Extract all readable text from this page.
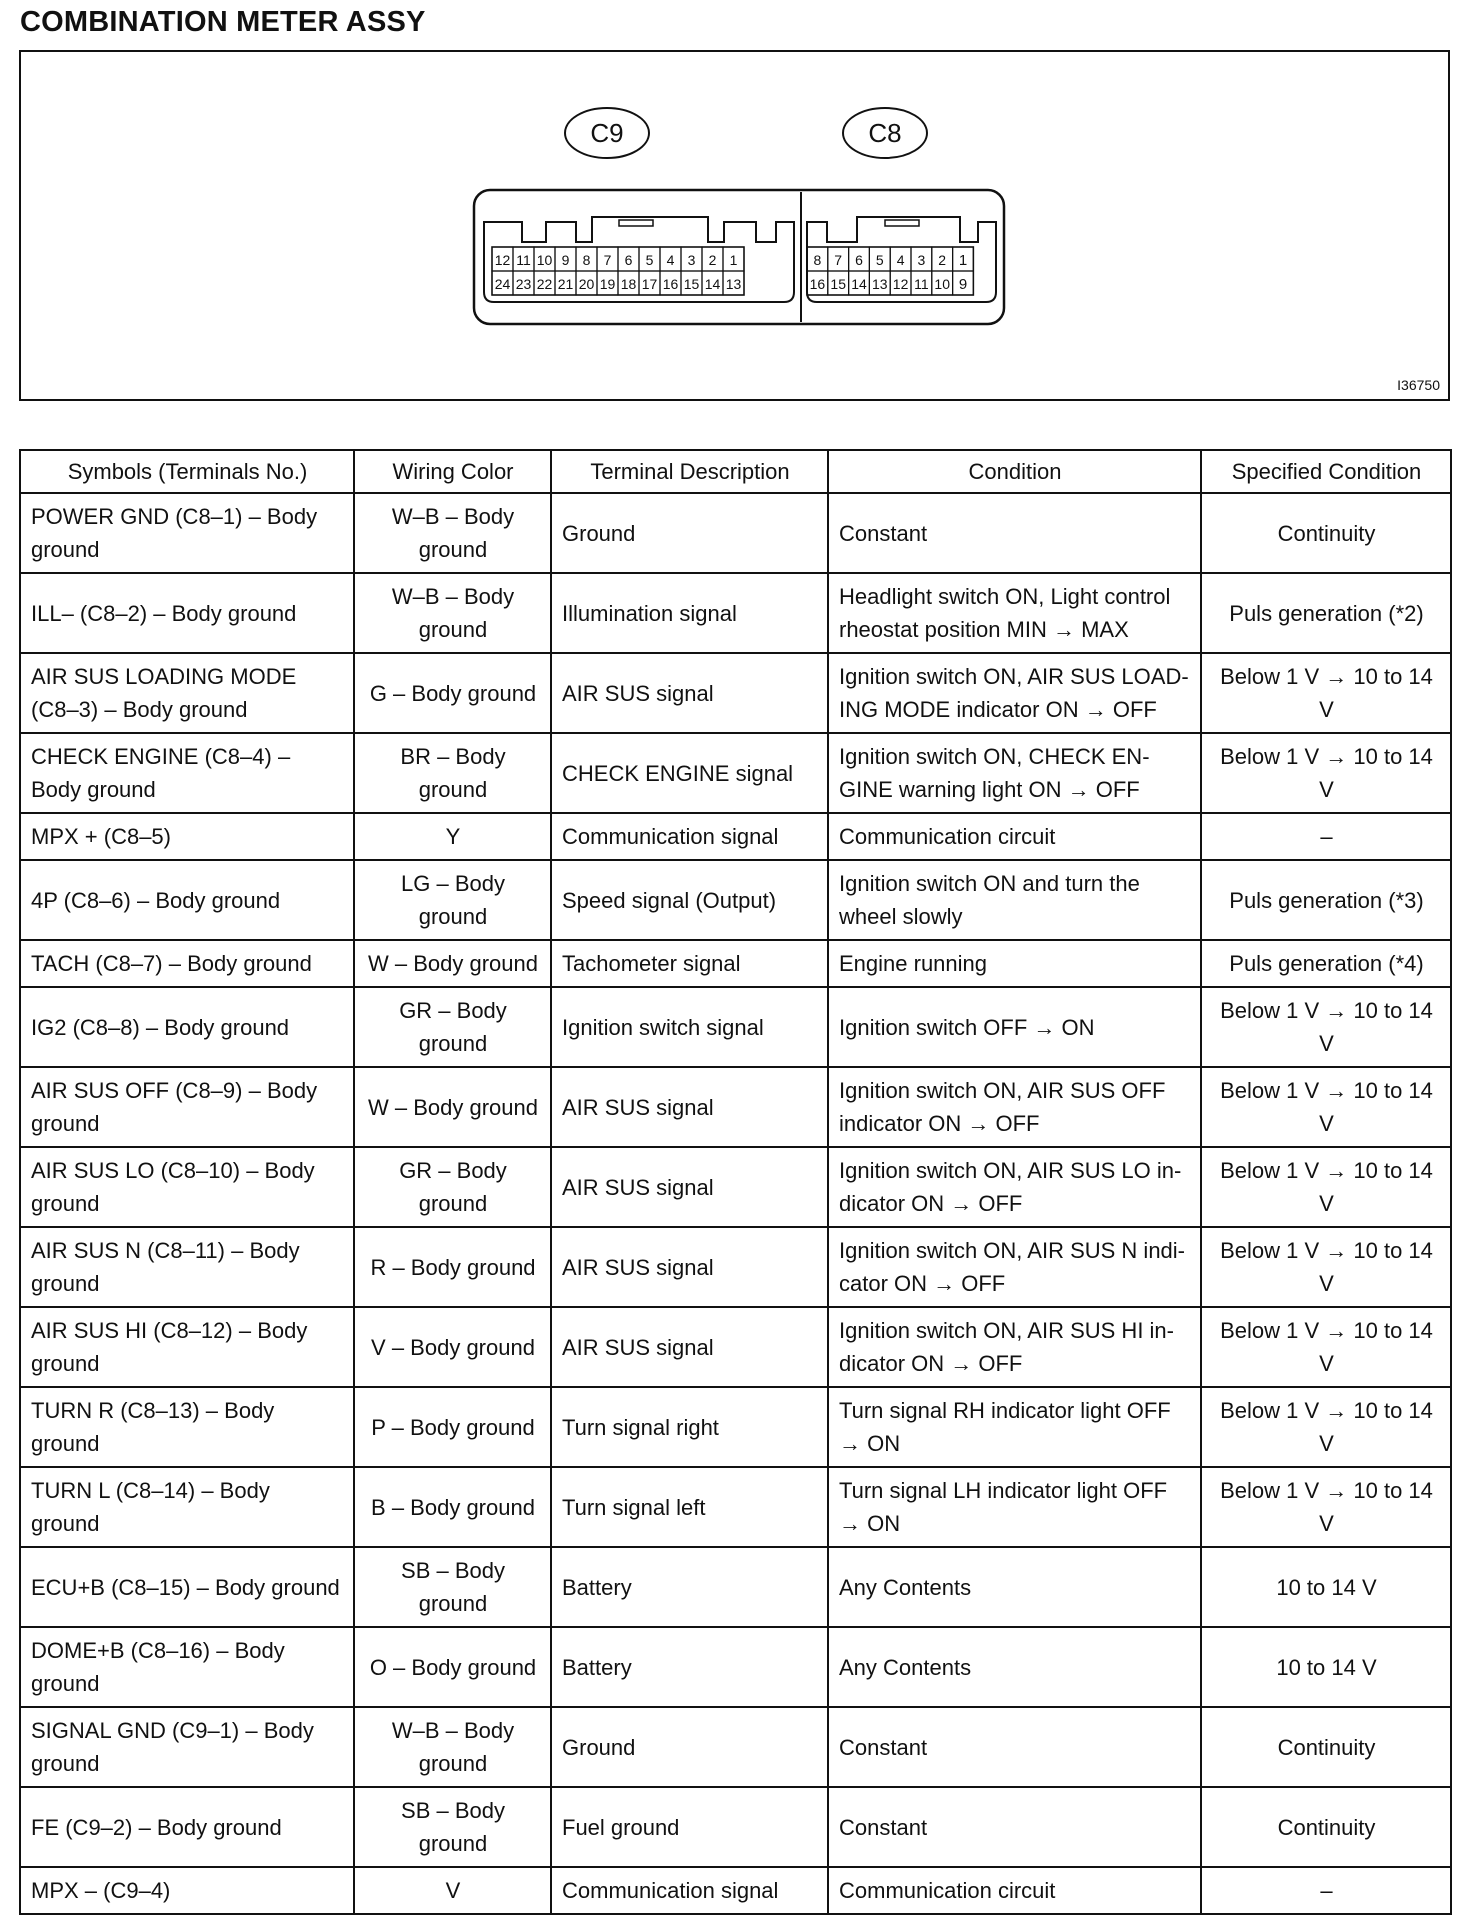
COMBINATION METER ASSY
C9
12
24
11
23
10
22
9
21
8
20
7
19
6
18
5
17
4
16
3
15
2
14
1
13
C8
8
16
7
15
6
14
5
13
4
12
3
11
2
10
1
9
I36750
Symbols (Terminals No.)	Wiring Color	Terminal Description	Condition	Specified Condition
POWER GND (C8–1) – Body ground	W–B – Body ground	Ground	Constant	Continuity
ILL– (C8–2) – Body ground	W–B – Body ground	Illumination signal	Headlight switch ON, Light control rheostat position MIN → MAX	Puls generation (*2)
AIR SUS LOADING MODE (C8–3) – Body ground	G – Body ground	AIR SUS signal	Ignition switch ON, AIR SUS LOAD-ING MODE indicator ON → OFF	Below 1 V → 10 to 14 V
CHECK ENGINE (C8–4) – Body ground	BR – Body ground	CHECK ENGINE signal	Ignition switch ON, CHECK EN-GINE warning light ON → OFF	Below 1 V → 10 to 14 V
MPX + (C8–5)	Y	Communication signal	Communication circuit	–
4P (C8–6) – Body ground	LG – Body ground	Speed signal (Output)	Ignition switch ON and turn the wheel slowly	Puls generation (*3)
TACH (C8–7) – Body ground	W – Body ground	Tachometer signal	Engine running	Puls generation (*4)
IG2 (C8–8) – Body ground	GR – Body ground	Ignition switch signal	Ignition switch OFF → ON	Below 1 V → 10 to 14 V
AIR SUS OFF (C8–9) – Body ground	W – Body ground	AIR SUS signal	Ignition switch ON, AIR SUS OFF indicator ON → OFF	Below 1 V → 10 to 14 V
AIR SUS LO (C8–10) – Body ground	GR – Body ground	AIR SUS signal	Ignition switch ON, AIR SUS LO in-dicator ON → OFF	Below 1 V → 10 to 14 V
AIR SUS N (C8–11) – Body ground	R – Body ground	AIR SUS signal	Ignition switch ON, AIR SUS N indi-cator ON → OFF	Below 1 V → 10 to 14 V
AIR SUS HI (C8–12) – Body ground	V – Body ground	AIR SUS signal	Ignition switch ON, AIR SUS HI in-dicator ON → OFF	Below 1 V → 10 to 14 V
TURN R (C8–13) – Body ground	P – Body ground	Turn signal right	Turn signal RH indicator light OFF → ON	Below 1 V → 10 to 14 V
TURN L (C8–14) – Body ground	B – Body ground	Turn signal left	Turn signal LH indicator light OFF → ON	Below 1 V → 10 to 14 V
ECU+B (C8–15) – Body ground	SB – Body ground	Battery	Any Contents	10 to 14 V
DOME+B (C8–16) – Body ground	O – Body ground	Battery	Any Contents	10 to 14 V
SIGNAL GND (C9–1) – Body ground	W–B – Body ground	Ground	Constant	Continuity
FE (C9–2) – Body ground	SB – Body ground	Fuel ground	Constant	Continuity
MPX – (C9–4)	V	Communication signal	Communication circuit	–
